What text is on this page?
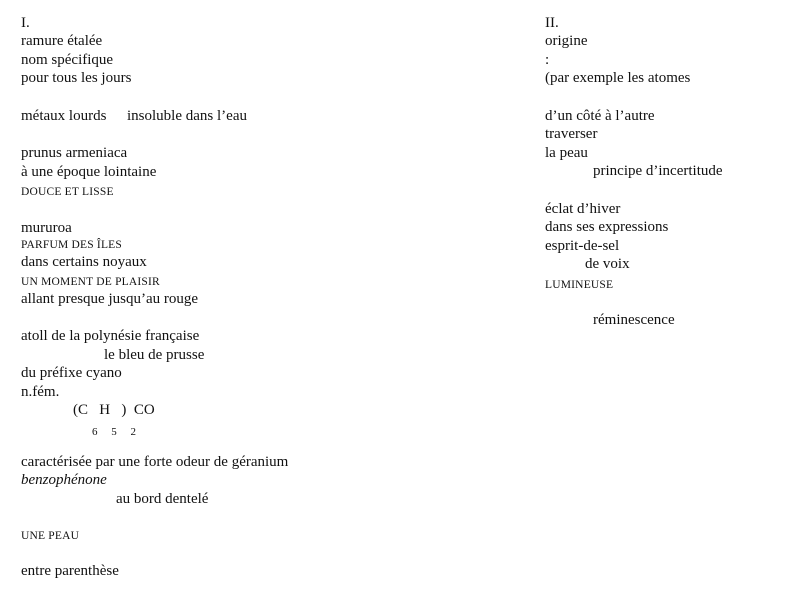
I.
ramure étalée
nom spécifique
pour tous les jours
métaux lourds insoluble dans l’eau
prunus armeniaca
à une époque lointaine
DOUCE ET LISSE
mururoa
PARFUM DES ÎLES
dans certains noyaux
UN MOMENT DE PLAISIR
allant presque jusqu’au rouge
atoll de la polynésie française
le bleu de prusse
du préfixe cyano
n.fém.
(C   H   )  CO
6     5     2
caractérisée par une forte odeur de géranium
benzophénone
au bord dentelé
UNE PEAU
entre parenthèse
II.
origine
:
(par exemple les atomes
d’un côté à l’autre
traverser
la peau
principe d’incertitude
éclat d’hiver
dans ses expressions
esprit-de-sel
de voix
LUMINEUSE
réminescence
